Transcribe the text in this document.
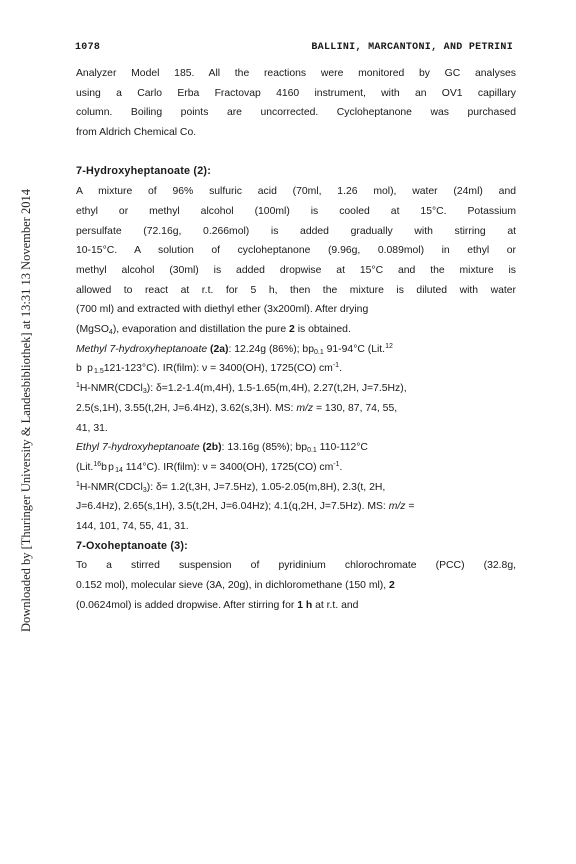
1078	BALLINI, MARCANTONI, AND PETRINI
Downloaded by [Thuringer University & Landesbibliothek] at 13:31 13 November 2014
Analyzer Model 185. All the reactions were monitored by GC analyses
using a Carlo Erba Fractovap 4160 instrument, with an OV1 capillary
column. Boiling points are uncorrected. Cycloheptanone was purchased
from Aldrich Chemical Co.
7-Hydroxyheptanoate (2):
A mixture of 96% sulfuric acid (70ml, 1.26 mol), water (24ml) and
ethyl or methyl alcohol (100ml) is cooled at 15°C. Potassium
persulfate (72.16g, 0.266mol) is added gradually with stirring at
10-15°C. A solution of cycloheptanone (9.96g, 0.089mol) in ethyl or
methyl alcohol (30ml) is added dropwise at 15°C and the mixture is
allowed to react at r.t. for 5 h, then the mixture is diluted with water
(700 ml) and extracted with diethyl ether (3x200ml). After drying
(MgSO$_4$), evaporation and distillation the pure 2 is obtained.
Methyl 7-hydroxyheptanoate (2a): 12.24g (86%); $bp_{0.1}$ 91-94°C (Lit.$^{12}$
b $p_{1.5}121-123^\circ C$). IR(film): ν = 3400(OH), 1725(CO) $cm^{-1}$.
$^1$H-NMR(CDCl$_3$): δ=1.2-1.4(m,4H), 1.5-1.65(m,4H), 2.27(t,2H, J=7.5Hz),
2.5(s,1H), 3.55(t,2H, J=6.4Hz), 3.62(s,3H). MS: m/z = 130, 87, 74, 55,
41, 31.
Ethyl 7-hydroxyheptanoate (2b): 13.16g (85%); $bp_{0.1}$ 110-112°C
($Lit.^{16}bp_{14}$ 114°C). IR(film): ν = 3400(OH), 1725(CO) $cm^{-1}$.
$^1$H-NMR(CDCl$_3$): δ= 1.2(t,3H, J=7.5Hz), 1.05-2.05(m,8H), 2.3(t, 2H,
J=6.4Hz), 2.65(s,1H), 3.5(t,2H, J=6.04Hz); 4.1(q,2H, J=7.5Hz). MS: m/z =
144, 101, 74, 55, 41, 31.
7-Oxoheptanoate (3):
To a stirred suspension of pyridinium chlorochromate (PCC) (32.8g,
0.152 mol), molecular sieve (3A, 20g), in dichloromethane (150 ml), 2
(0.0624mol) is added dropwise. After stirring for 1 h at r.t. and
